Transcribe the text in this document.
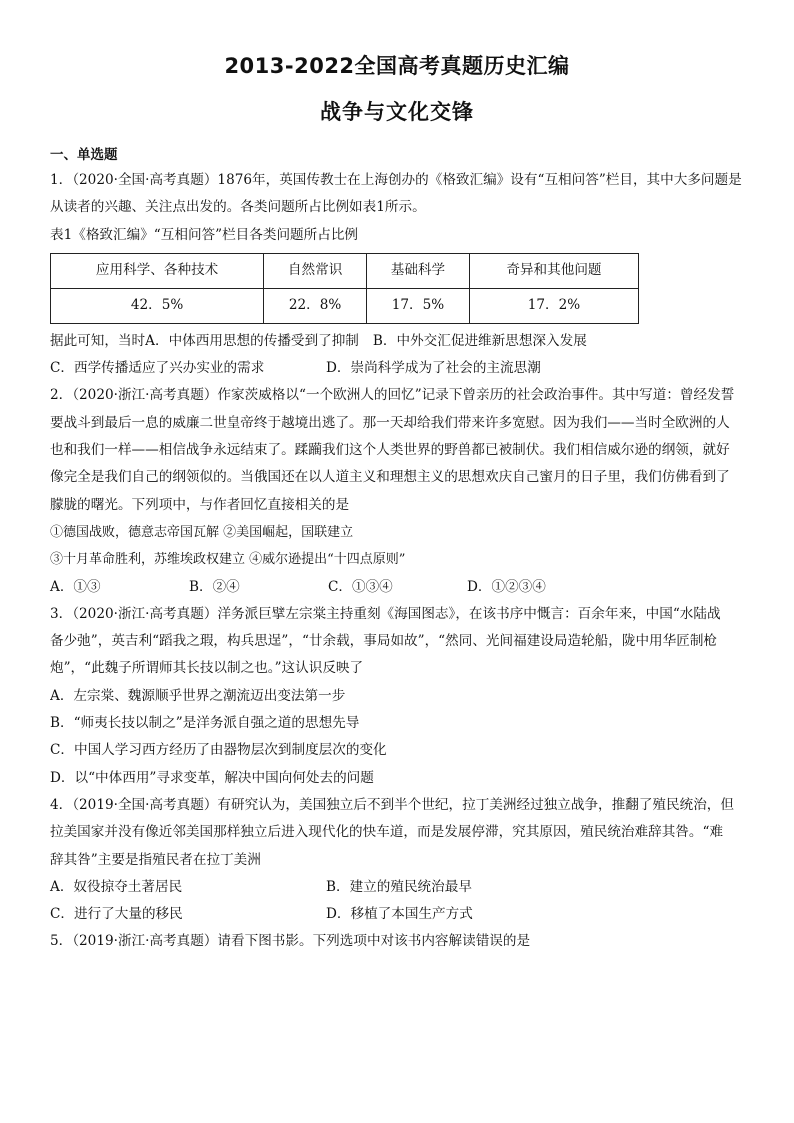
2013-2022全国高考真题历史汇编
战争与文化交锋
一、单选题
1．（2020·全国·高考真题）1876年，英国传教士在上海创办的《格致汇编》设有“互相问答”栏目，其中大多问题是
从读者的兴趣、关注点出发的。各类问题所占比例如表1所示。
表1《格致汇编》“互相问答”栏目各类问题所占比例
应用科学、各种技术	自然常识	基础科学	奇异和其他问题
42．5%	22．8%	17．5%	17．2%
据此可知，当时A．中体西用思想的传播受到了抑制 B．中外交汇促进维新思想深入发展
C．西学传播适应了兴办实业的需求	D．崇尚科学成为了社会的主流思潮
2．（2020·浙江·高考真题）作家茨威格以“一个欧洲人的回忆”记录下曾亲历的社会政治事件。其中写道：曾经发誓
要战斗到最后一息的威廉二世皇帝终于越境出逃了。那一天却给我们带来许多宽慰。因为我们——当时全欧洲的人
也和我们一样——相信战争永远结束了。蹂躏我们这个人类世界的野兽都已被制伏。我们相信威尔逊的纲领，就好
像完全是我们自己的纲领似的。当俄国还在以人道主义和理想主义的思想欢庆自己蜜月的日子里，我们仿佛看到了
朦胧的曙光。下列项中，与作者回忆直接相关的是
①德国战败，德意志帝国瓦解 ②美国崛起，国联建立
③十月革命胜利，苏维埃政权建立 ④威尔逊提出“十四点原则”
A．①③	B．②④	C．①③④	D．①②③④
3．（2020·浙江·高考真题）洋务派巨擘左宗棠主持重刻《海国图志》，在该书序中慨言：百余年来，中国“水陆战
备少弛”，英吉利“蹈我之瑕，构兵思逞”，“廿余载，事局如故”，“然同、光间福建设局造轮船，陇中用华匠制枪
炮”，“此魏子所谓师其长技以制之也。”这认识反映了
A．左宗棠、魏源顺乎世界之潮流迈出变法第一步
B．“师夷长技以制之”是洋务派自强之道的思想先导
C．中国人学习西方经历了由器物层次到制度层次的变化
D．以“中体西用”寻求变革，解决中国向何处去的问题
4．（2019·全国·高考真题）有研究认为，美国独立后不到半个世纪，拉丁美洲经过独立战争，推翻了殖民统治，但
拉美国家并没有像近邻美国那样独立后进入现代化的快车道，而是发展停滞，究其原因，殖民统治难辞其咎。“难
辞其咎”主要是指殖民者在拉丁美洲
A．奴役掠夺土著居民	B．建立的殖民统治最早
C．进行了大量的移民	D．移植了本国生产方式
5．（2019·浙江·高考真题）请看下图书影。下列选项中对该书内容解读错误的是
